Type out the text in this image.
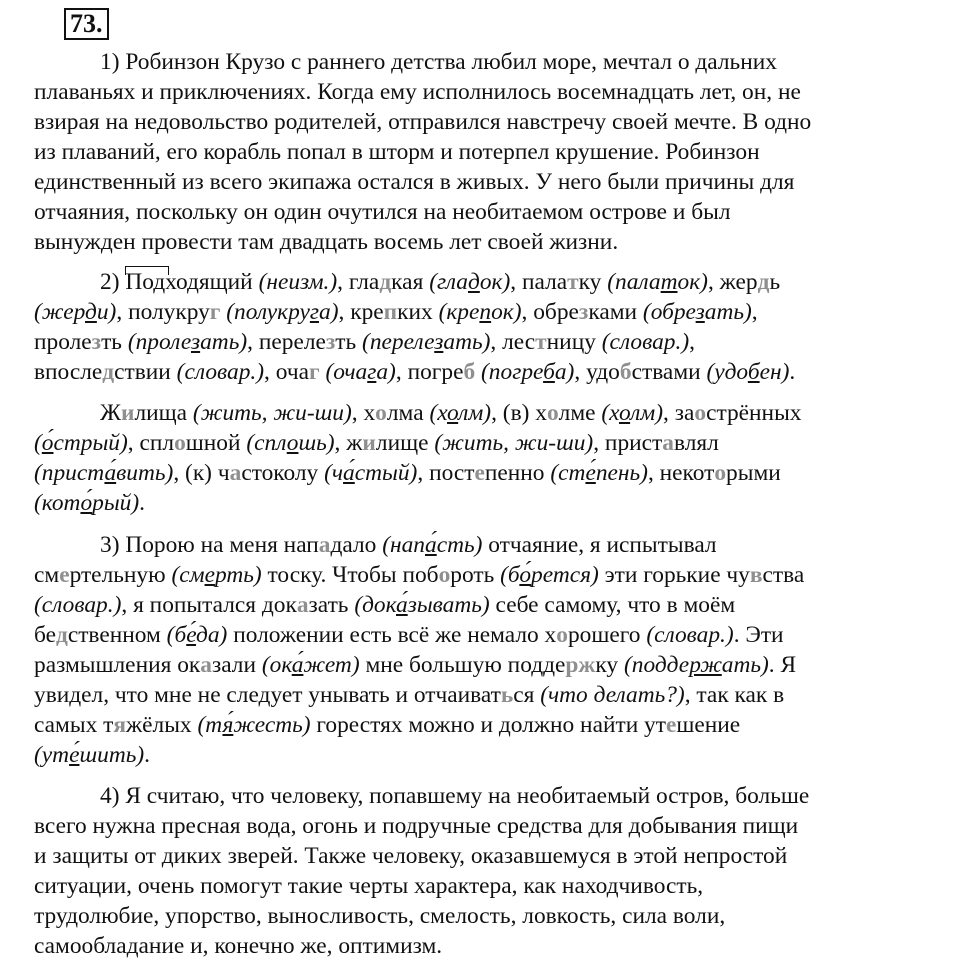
73.
1) Робинзон Крузо с раннего детства любил море, мечтал о дальних
плаваньях и приключениях. Когда ему исполнилось восемнадцать лет, он, не
взирая на недовольство родителей, отправился навстречу своей мечте. В одно
из плаваний, его корабль попал в шторм и потерпел крушение. Робинзон
единственный из всего экипажа остался в живых. У него были причины для
отчаяния, поскольку он один очутился на необитаемом острове и был
вынужден провести там двадцать восемь лет своей жизни.
2) Подходящий (неизм.), гладкая (гладок), палатку (палаток), жердь
(жерди), полукруг (полукруга), крепких (крепок), обрезками (обрезать),
пролезть (пролезать), перелезть (перелезать), лестницу (словар.),
впоследствии (словар.), очаг (очага), погреб (погреба), удобствами (удобен).
Жилища (жить, жи-ши), холма (холм), (в) холме (холм), заострённых
(о́стрый), сплошной (сплошь), жилище (жить, жи-ши), приставлял
(приста́вить), (к) частоколу (ча́стый), постепенно (сте́пень), некоторыми
(кото́рый).
3) Порою на меня нападало (напа́сть) отчаяние, я испытывал
смертельную (смерть) тоску. Чтобы побороть (бо́рется) эти горькие чувства
(словар.), я попытался доказать (дока́зывать) себе самому, что в моём
бедственном (бе́да) положении есть всё же немало хорошего (словар.). Эти
размышления оказали (ока́жет) мне большую поддержку (поддержать). Я
увидел, что мне не следует унывать и отчаиваться (что делать?), так как в
самых тяжёлых (тя́жесть) горестях можно и должно найти утешение
(уте́шить).
4) Я считаю, что человеку, попавшему на необитаемый остров, больше
всего нужна пресная вода, огонь и подручные средства для добывания пищи
и защиты от диких зверей. Также человеку, оказавшемуся в этой непростой
ситуации, очень помогут такие черты характера, как находчивость,
трудолюбие, упорство, выносливость, смелость, ловкость, сила воли,
самообладание и, конечно же, оптимизм.
